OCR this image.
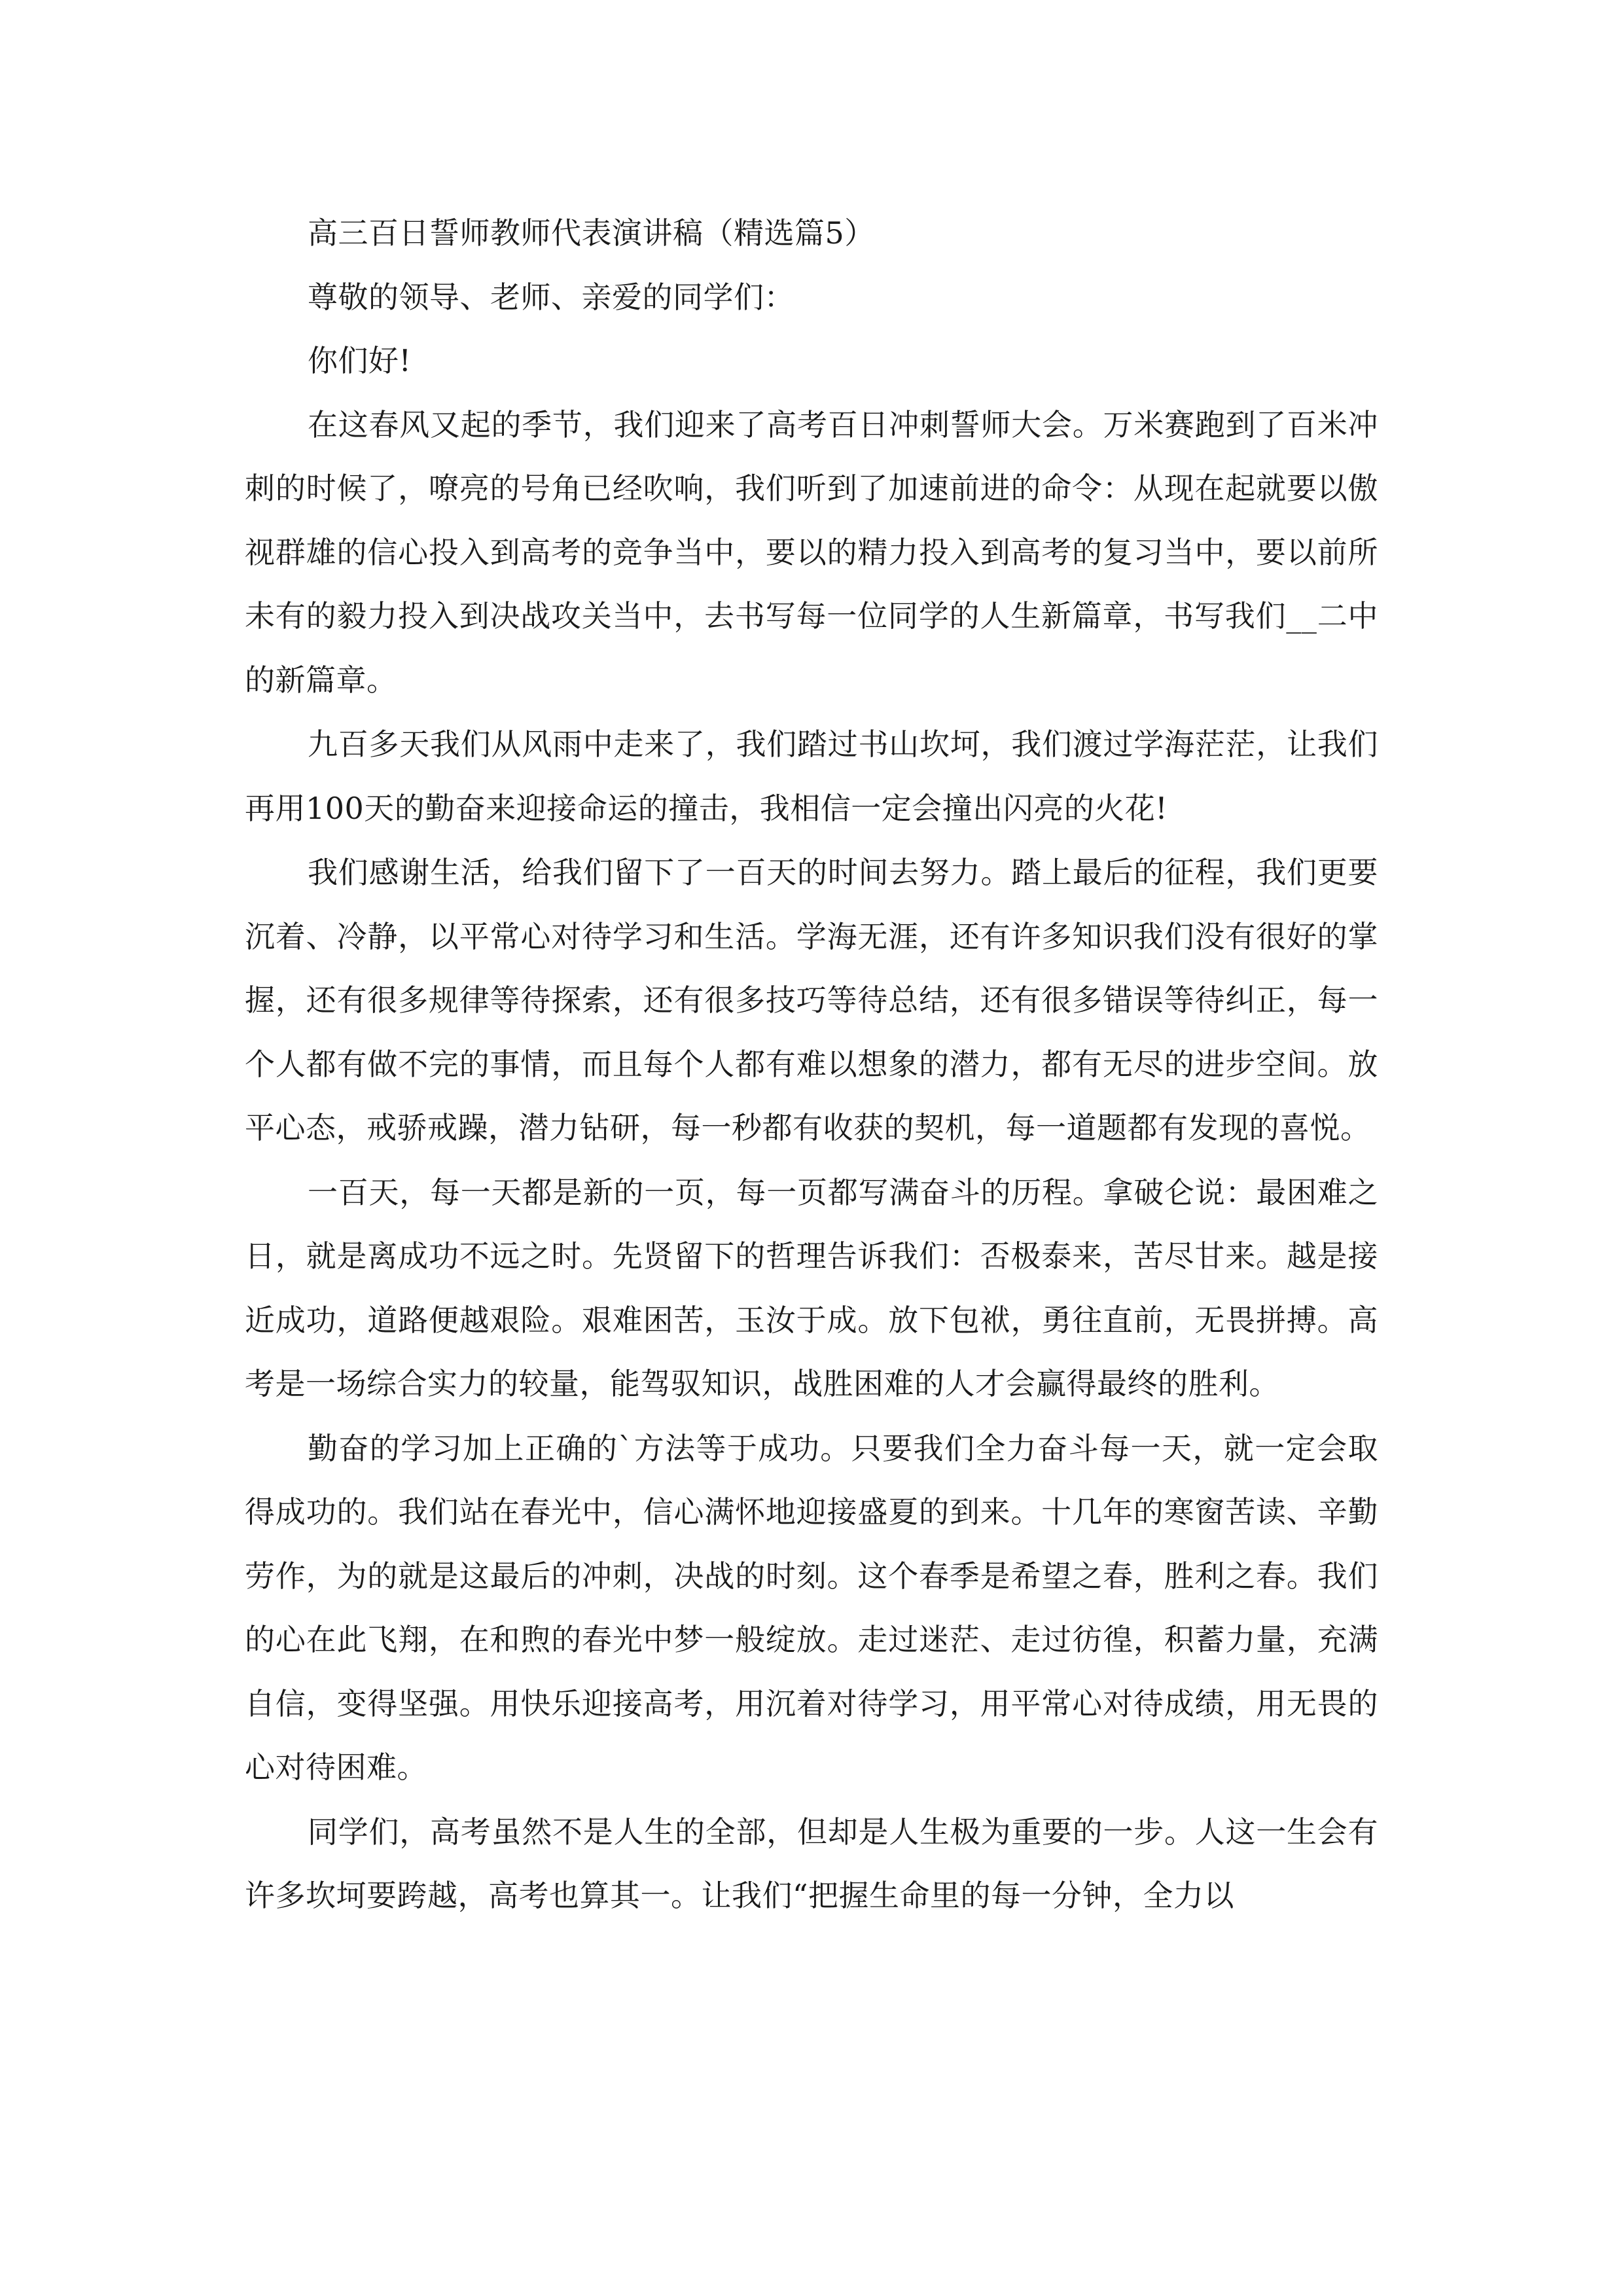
高三百日誓师教师代表演讲稿（精选篇5）

尊敬的领导、老师、亲爱的同学们：

你们好!

在这春风又起的季节，我们迎来了高考百日冲刺誓师大会。万米赛跑到了百米冲刺的时候了，嘹亮的号角已经吹响，我们听到了加速前进的命令：从现在起就要以傲视群雄的信心投入到高考的竞争当中，要以的精力投入到高考的复习当中，要以前所未有的毅力投入到决战攻关当中，去书写每一位同学的人生新篇章，书写我们__二中的新篇章。

九百多天我们从风雨中走来了，我们踏过书山坎坷，我们渡过学海茫茫，让我们再用100天的勤奋来迎接命运的撞击，我相信一定会撞出闪亮的火花!

我们感谢生活，给我们留下了一百天的时间去努力。踏上最后的征程，我们更要沉着、冷静，以平常心对待学习和生活。学海无涯，还有许多知识我们没有很好的掌握，还有很多规律等待探索，还有很多技巧等待总结，还有很多错误等待纠正，每一个人都有做不完的事情，而且每个人都有难以想象的潜力，都有无尽的进步空间。放平心态，戒骄戒躁，潜力钻研，每一秒都有收获的契机，每一道题都有发现的喜悦。

一百天，每一天都是新的一页，每一页都写满奋斗的历程。拿破仑说：最困难之日，就是离成功不远之时。先贤留下的哲理告诉我们：否极泰来，苦尽甘来。越是接近成功，道路便越艰险。艰难困苦，玉汝于成。放下包袱，勇往直前，无畏拼搏。高考是一场综合实力的较量，能驾驭知识，战胜困难的人才会赢得最终的胜利。

勤奋的学习加上正确的`方法等于成功。只要我们全力奋斗每一天，就一定会取得成功的。我们站在春光中，信心满怀地迎接盛夏的到来。十几年的寒窗苦读、辛勤劳作，为的就是这最后的冲刺，决战的时刻。这个春季是希望之春，胜利之春。我们的心在此飞翔，在和煦的春光中梦一般绽放。走过迷茫、走过彷徨，积蓄力量，充满自信，变得坚强。用快乐迎接高考，用沉着对待学习，用平常心对待成绩，用无畏的心对待困难。

同学们，高考虽然不是人生的全部，但却是人生极为重要的一步。人这一生会有许多坎坷要跨越，高考也算其一。让我们“把握生命里的每一分钟，全力以
